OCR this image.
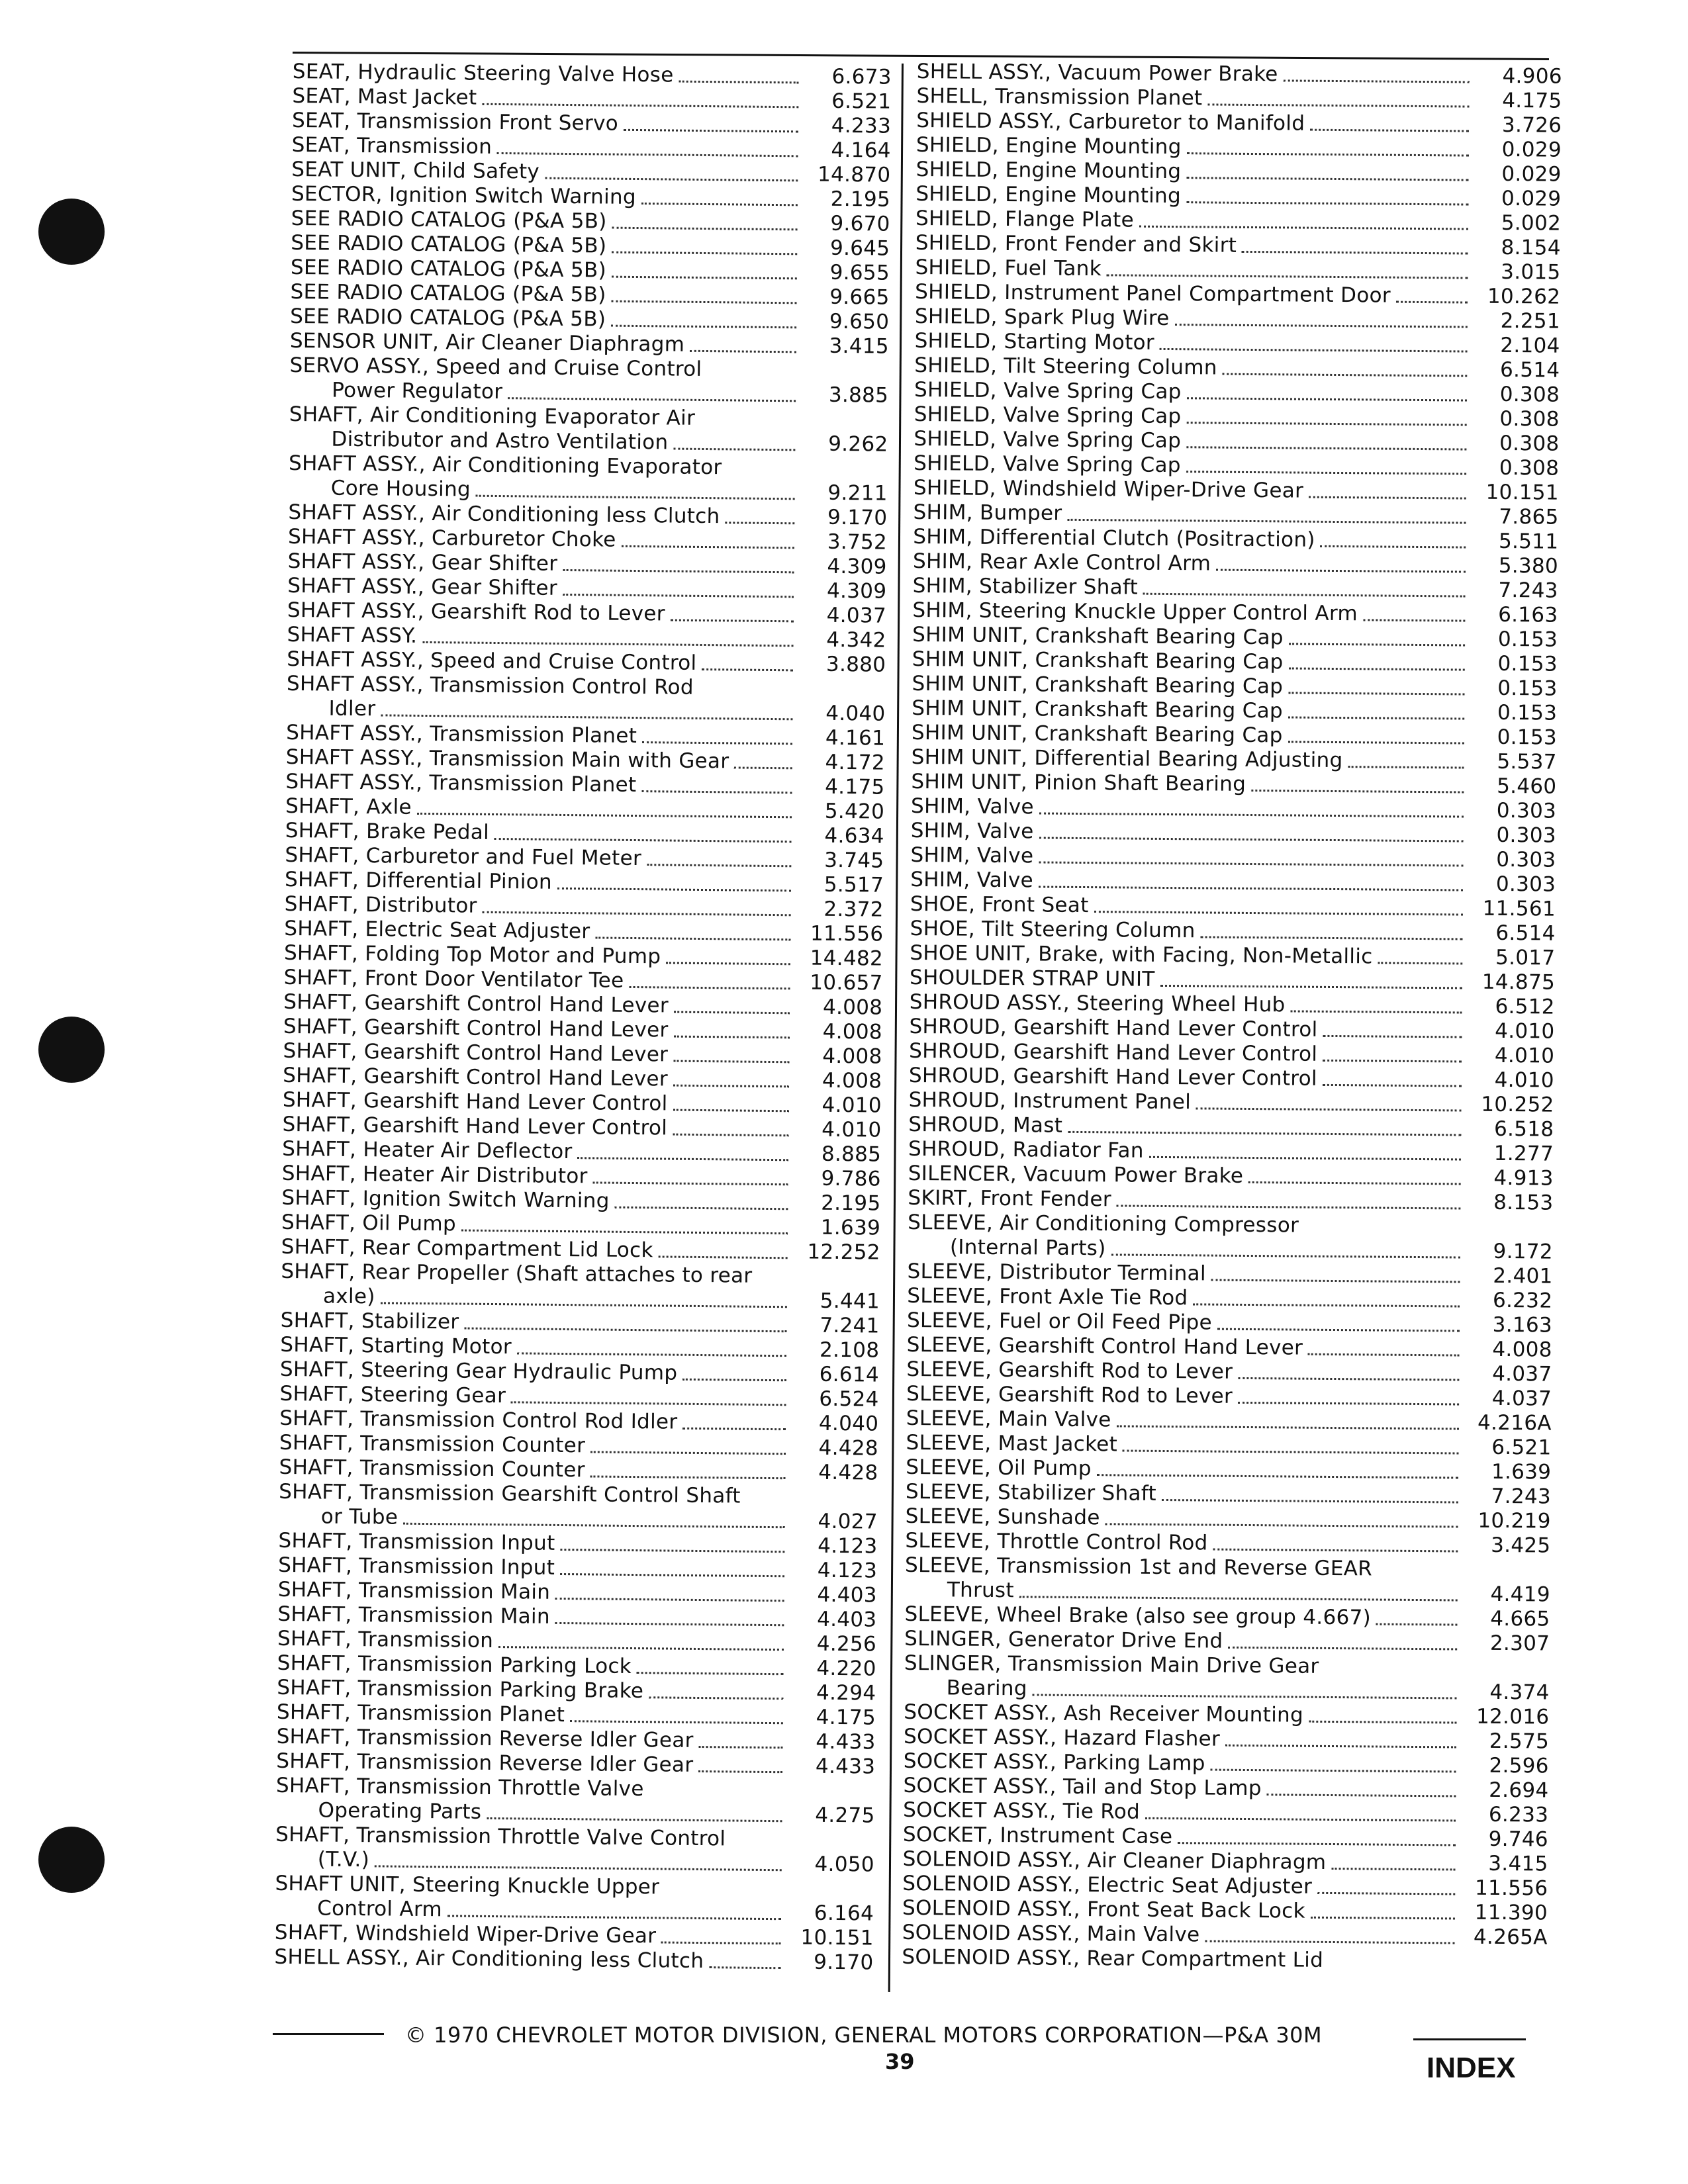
SEAT, Hydraulic Steering Valve Hose	6.673
SEAT, Mast Jacket	6.521
SEAT, Transmission Front Servo	4.233
SEAT, Transmission	4.164
SEAT UNIT, Child Safety	14.870
SECTOR, Ignition Switch Warning	2.195
SEE RADIO CATALOG (P&A 5B)	9.670
SEE RADIO CATALOG (P&A 5B)	9.645
SEE RADIO CATALOG (P&A 5B)	9.655
SEE RADIO CATALOG (P&A 5B)	9.665
SEE RADIO CATALOG (P&A 5B)	9.650
SENSOR UNIT, Air Cleaner Diaphragm	3.415
SERVO ASSY., Speed and Cruise Control
Power Regulator	3.885
SHAFT, Air Conditioning Evaporator Air
Distributor and Astro Ventilation	9.262
SHAFT ASSY., Air Conditioning Evaporator
Core Housing	9.211
SHAFT ASSY., Air Conditioning less Clutch	9.170
SHAFT ASSY., Carburetor Choke	3.752
SHAFT ASSY., Gear Shifter	4.309
SHAFT ASSY., Gear Shifter	4.309
SHAFT ASSY., Gearshift Rod to Lever	4.037
SHAFT ASSY.	4.342
SHAFT ASSY., Speed and Cruise Control	3.880
SHAFT ASSY., Transmission Control Rod
Idler	4.040
SHAFT ASSY., Transmission Planet	4.161
SHAFT ASSY., Transmission Main with Gear	4.172
SHAFT ASSY., Transmission Planet	4.175
SHAFT, Axle	5.420
SHAFT, Brake Pedal	4.634
SHAFT, Carburetor and Fuel Meter	3.745
SHAFT, Differential Pinion	5.517
SHAFT, Distributor	2.372
SHAFT, Electric Seat Adjuster	11.556
SHAFT, Folding Top Motor and Pump	14.482
SHAFT, Front Door Ventilator Tee	10.657
SHAFT, Gearshift Control Hand Lever	4.008
SHAFT, Gearshift Control Hand Lever	4.008
SHAFT, Gearshift Control Hand Lever	4.008
SHAFT, Gearshift Control Hand Lever	4.008
SHAFT, Gearshift Hand Lever Control	4.010
SHAFT, Gearshift Hand Lever Control	4.010
SHAFT, Heater Air Deflector	8.885
SHAFT, Heater Air Distributor	9.786
SHAFT, Ignition Switch Warning	2.195
SHAFT, Oil Pump	1.639
SHAFT, Rear Compartment Lid Lock	12.252
SHAFT, Rear Propeller (Shaft attaches to rear
axle)	5.441
SHAFT, Stabilizer	7.241
SHAFT, Starting Motor	2.108
SHAFT, Steering Gear Hydraulic Pump	6.614
SHAFT, Steering Gear	6.524
SHAFT, Transmission Control Rod Idler	4.040
SHAFT, Transmission Counter	4.428
SHAFT, Transmission Counter	4.428
SHAFT, Transmission Gearshift Control Shaft
or Tube	4.027
SHAFT, Transmission Input	4.123
SHAFT, Transmission Input	4.123
SHAFT, Transmission Main	4.403
SHAFT, Transmission Main	4.403
SHAFT, Transmission	4.256
SHAFT, Transmission Parking Lock	4.220
SHAFT, Transmission Parking Brake	4.294
SHAFT, Transmission Planet	4.175
SHAFT, Transmission Reverse Idler Gear	4.433
SHAFT, Transmission Reverse Idler Gear	4.433
SHAFT, Transmission Throttle Valve
Operating Parts	4.275
SHAFT, Transmission Throttle Valve Control
(T.V.)	4.050
SHAFT UNIT, Steering Knuckle Upper
Control Arm	6.164
SHAFT, Windshield Wiper-Drive Gear	10.151
SHELL ASSY., Air Conditioning less Clutch	9.170
SHELL ASSY., Vacuum Power Brake	4.906
SHELL, Transmission Planet	4.175
SHIELD ASSY., Carburetor to Manifold	3.726
SHIELD, Engine Mounting	0.029
SHIELD, Engine Mounting	0.029
SHIELD, Engine Mounting	0.029
SHIELD, Flange Plate	5.002
SHIELD, Front Fender and Skirt	8.154
SHIELD, Fuel Tank	3.015
SHIELD, Instrument Panel Compartment Door	10.262
SHIELD, Spark Plug Wire	2.251
SHIELD, Starting Motor	2.104
SHIELD, Tilt Steering Column	6.514
SHIELD, Valve Spring Cap	0.308
SHIELD, Valve Spring Cap	0.308
SHIELD, Valve Spring Cap	0.308
SHIELD, Valve Spring Cap	0.308
SHIELD, Windshield Wiper-Drive Gear	10.151
SHIM, Bumper	7.865
SHIM, Differential Clutch (Positraction)	5.511
SHIM, Rear Axle Control Arm	5.380
SHIM, Stabilizer Shaft	7.243
SHIM, Steering Knuckle Upper Control Arm	6.163
SHIM UNIT, Crankshaft Bearing Cap	0.153
SHIM UNIT, Crankshaft Bearing Cap	0.153
SHIM UNIT, Crankshaft Bearing Cap	0.153
SHIM UNIT, Crankshaft Bearing Cap	0.153
SHIM UNIT, Crankshaft Bearing Cap	0.153
SHIM UNIT, Differential Bearing Adjusting	5.537
SHIM UNIT, Pinion Shaft Bearing	5.460
SHIM, Valve	0.303
SHIM, Valve	0.303
SHIM, Valve	0.303
SHIM, Valve	0.303
SHOE, Front Seat	11.561
SHOE, Tilt Steering Column	6.514
SHOE UNIT, Brake, with Facing, Non-Metallic	5.017
SHOULDER STRAP UNIT	14.875
SHROUD ASSY., Steering Wheel Hub	6.512
SHROUD, Gearshift Hand Lever Control	4.010
SHROUD, Gearshift Hand Lever Control	4.010
SHROUD, Gearshift Hand Lever Control	4.010
SHROUD, Instrument Panel	10.252
SHROUD, Mast	6.518
SHROUD, Radiator Fan	1.277
SILENCER, Vacuum Power Brake	4.913
SKIRT, Front Fender	8.153
SLEEVE, Air Conditioning Compressor
(Internal Parts)	9.172
SLEEVE, Distributor Terminal	2.401
SLEEVE, Front Axle Tie Rod	6.232
SLEEVE, Fuel or Oil Feed Pipe	3.163
SLEEVE, Gearshift Control Hand Lever	4.008
SLEEVE, Gearshift Rod to Lever	4.037
SLEEVE, Gearshift Rod to Lever	4.037
SLEEVE, Main Valve	4.216A
SLEEVE, Mast Jacket	6.521
SLEEVE, Oil Pump	1.639
SLEEVE, Stabilizer Shaft	7.243
SLEEVE, Sunshade	10.219
SLEEVE, Throttle Control Rod	3.425
SLEEVE, Transmission 1st and Reverse GEAR
Thrust	4.419
SLEEVE, Wheel Brake (also see group 4.667)	4.665
SLINGER, Generator Drive End	2.307
SLINGER, Transmission Main Drive Gear
Bearing	4.374
SOCKET ASSY., Ash Receiver Mounting	12.016
SOCKET ASSY., Hazard Flasher	2.575
SOCKET ASSY., Parking Lamp	2.596
SOCKET ASSY., Tail and Stop Lamp	2.694
SOCKET ASSY., Tie Rod	6.233
SOCKET, Instrument Case	9.746
SOLENOID ASSY., Air Cleaner Diaphragm	3.415
SOLENOID ASSY., Electric Seat Adjuster	11.556
SOLENOID ASSY., Front Seat Back Lock	11.390
SOLENOID ASSY., Main Valve	4.265A
SOLENOID ASSY., Rear Compartment Lid
© 1970 CHEVROLET MOTOR DIVISION, GENERAL MOTORS CORPORATION—P&A 30M
39	INDEX
